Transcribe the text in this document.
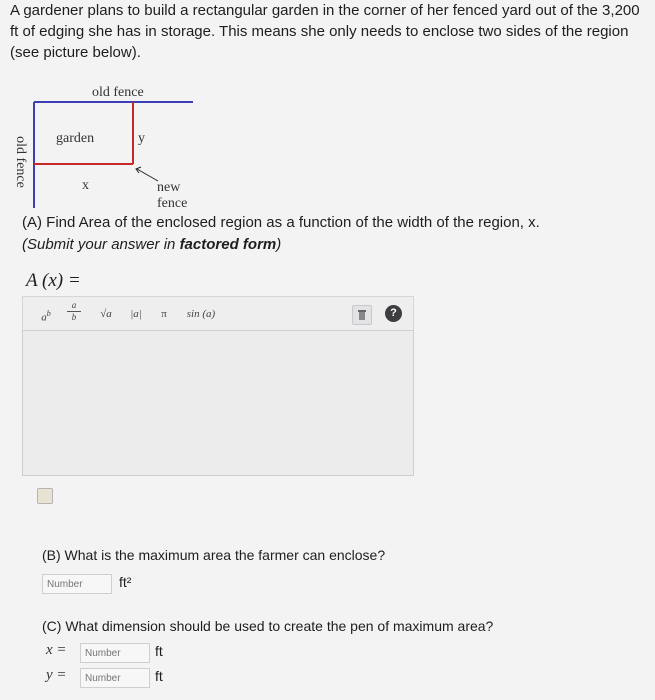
A gardener plans to build a rectangular garden in the corner of her fenced yard out of the 3,200 ft of edging she has in storage. This means she only needs to enclose two sides of the region (see picture below).
old fence
old fence garden	y
x	new
fence
(A) Find Area of the enclosed region as a function of the width of the region, x.
(Submit your answer in factored form)
A (x) =
$a^b$	$\frac{a}{b}$	√a	|a|	π	sin (a)	?
(B) What is the maximum area the farmer can enclose?
Number
ft²
(C) What dimension should be used to create the pen of maximum area?
x =
Number	ft
y =
Number	ft
